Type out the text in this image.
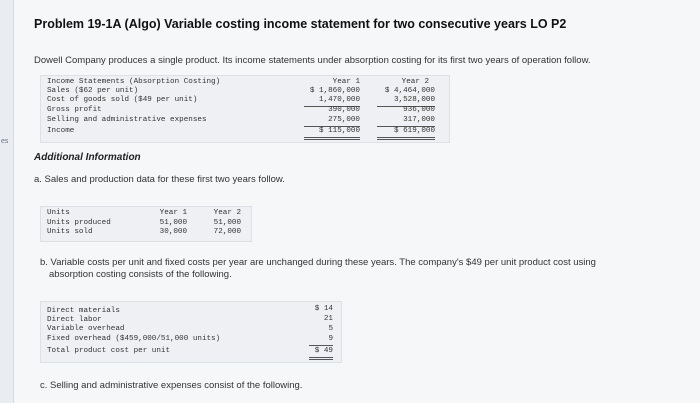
es
Problem 19-1A (Algo) Variable costing income statement for two consecutive years LO P2
Dowell Company produces a single product. Its income statements under absorption costing for its first two years of operation follow.
Income Statements (Absorption Costing)	Year 1	Year 2
Sales ($62 per unit)	$ 1,860,000	$ 4,464,000
Cost of goods sold ($49 per unit)	1,470,000	3,528,000
Gross profit	390,000	936,000
Selling and administrative expenses	275,000	317,000
Income	$ 115,000	$ 619,000
Additional Information
a. Sales and production data for these first two years follow.
Units	Year 1	Year 2
Units produced	51,000	51,000
Units sold	30,000	72,000
b. Variable costs per unit and fixed costs per year are unchanged during these years. The company's $49 per unit product cost using
absorption costing consists of the following.
Direct materials	$ 14
Direct labor	21
Variable overhead	5
Fixed overhead ($459,000/51,000 units)	9
Total product cost per unit	$ 49
c. Selling and administrative expenses consist of the following.
